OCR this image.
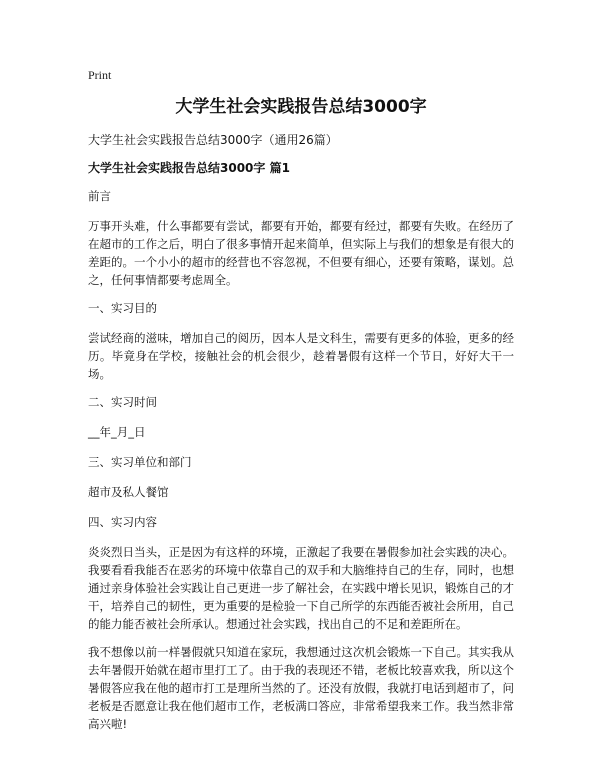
Print
大学生社会实践报告总结3000字
大学生社会实践报告总结3000字（通用26篇）
大学生社会实践报告总结3000字 篇1

前言

万事开头难，什么事都要有尝试，都要有开始，都要有经过，都要有失败。在经历了在超市的工作之后，明白了很多事情开起来简单，但实际上与我们的想象是有很大的差距的。一个小小的超市的经营也不容忽视，不但要有细心，还要有策略，谋划。总之，任何事情都要考虑周全。

一、实习目的

尝试经商的滋味，增加自己的阅历，因本人是文科生，需要有更多的体验，更多的经历。毕竟身在学校，接触社会的机会很少，趁着暑假有这样一个节日，好好大干一场。

二、实习时间

__年_月_日

三、实习单位和部门

超市及私人餐馆

四、实习内容

炎炎烈日当头，正是因为有这样的环境，正激起了我要在暑假参加社会实践的决心。我要看看我能否在恶劣的环境中依靠自己的双手和大脑维持自己的生存，同时，也想通过亲身体验社会实践让自己更进一步了解社会，在实践中增长见识，锻炼自己的才干，培养自己的韧性，更为重要的是检验一下自己所学的东西能否被社会所用，自己的能力能否被社会所承认。想通过社会实践，找出自己的不足和差距所在。

我不想像以前一样暑假就只知道在家玩，我想通过这次机会锻炼一下自己。其实我从去年暑假开始就在超市里打工了。由于我的表现还不错，老板比较喜欢我，所以这个暑假答应我在他的超市打工是理所当然的了。还没有放假，我就打电话到超市了，问老板是否愿意让我在他们超市工作，老板满口答应，非常希望我来工作。我当然非常高兴啦!
